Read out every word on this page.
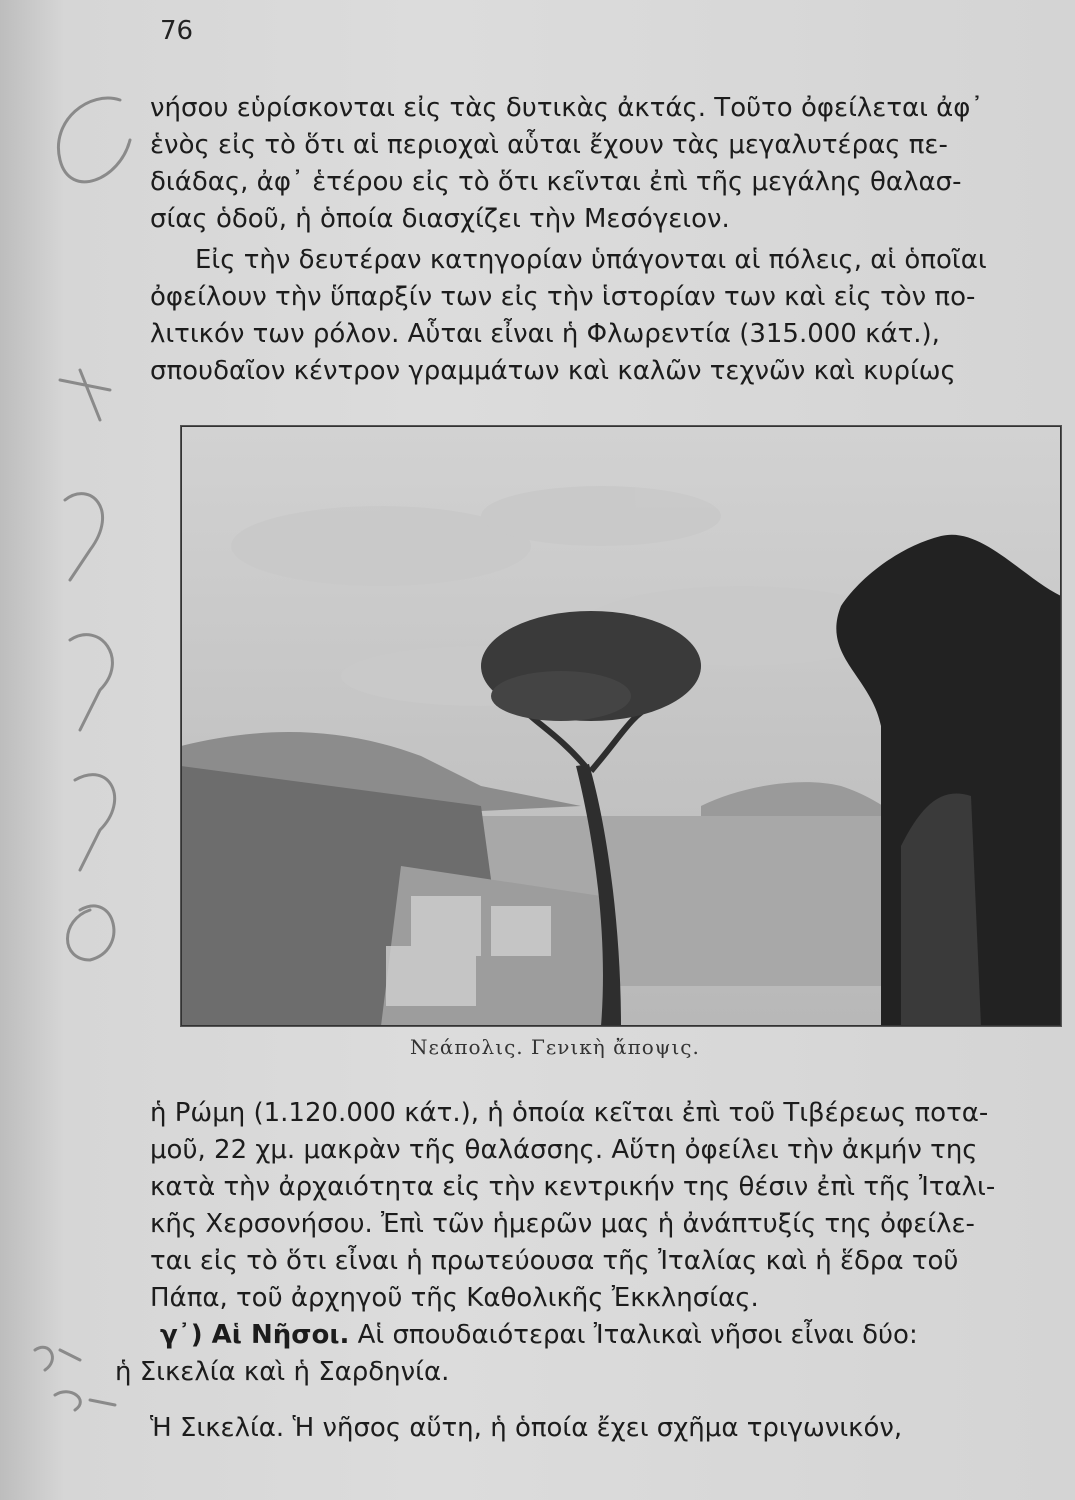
76
νήσου εὑρίσκονται εἰς τὰς δυτικὰς ἀκτάς. Τοῦτο ὀφείλεται ἀφ᾽
ἑνὸς εἰς τὸ ὅτι αἱ περιοχαὶ αὗται ἔχουν τὰς μεγαλυτέρας πε-
διάδας, ἀφ᾽ ἑτέρου εἰς τὸ ὅτι κεῖνται ἐπὶ τῆς μεγάλης θαλασ-
σίας ὁδοῦ, ἡ ὁποία διασχίζει τὴν Μεσόγειον.
Εἰς τὴν δευτέραν κατηγορίαν ὑπάγονται αἱ πόλεις, αἱ ὁποῖαι
ὀφείλουν τὴν ὕπαρξίν των εἰς τὴν ἱστορίαν των καὶ εἰς τὸν πο-
λιτικόν των ρόλον. Αὗται εἶναι ἡ Φλωρεντία (315.000 κάτ.),
σπουδαῖον κέντρον γραμμάτων καὶ καλῶν τεχνῶν καὶ κυρίως
Νεάπολις. Γενικὴ ἄποψις.
ἡ Ρώμη (1.120.000 κάτ.), ἡ ὁποία κεῖται ἐπὶ τοῦ Τιβέρεως ποτα-
μοῦ, 22 χμ. μακρὰν τῆς θαλάσσης. Αὕτη ὀφείλει τὴν ἀκμήν της
κατὰ τὴν ἀρχαιότητα εἰς τὴν κεντρικήν της θέσιν ἐπὶ τῆς Ἰταλι-
κῆς Χερσονήσου. Ἐπὶ τῶν ἡμερῶν μας ἡ ἀνάπτυξίς της ὀφείλε-
ται εἰς τὸ ὅτι εἶναι ἡ πρωτεύουσα τῆς Ἰταλίας καὶ ἡ ἕδρα τοῦ
Πάπα, τοῦ ἀρχηγοῦ τῆς Καθολικῆς Ἐκκλησίας.
γ᾽) Αἱ Νῆσοι. Αἱ σπουδαιότεραι Ἰταλικαὶ νῆσοι εἶναι δύο:
ἡ Σικελία καὶ ἡ Σαρδηνία.
Ἡ Σικελία. Ἡ νῆσος αὕτη, ἡ ὁποία ἔχει σχῆμα τριγωνικόν,
